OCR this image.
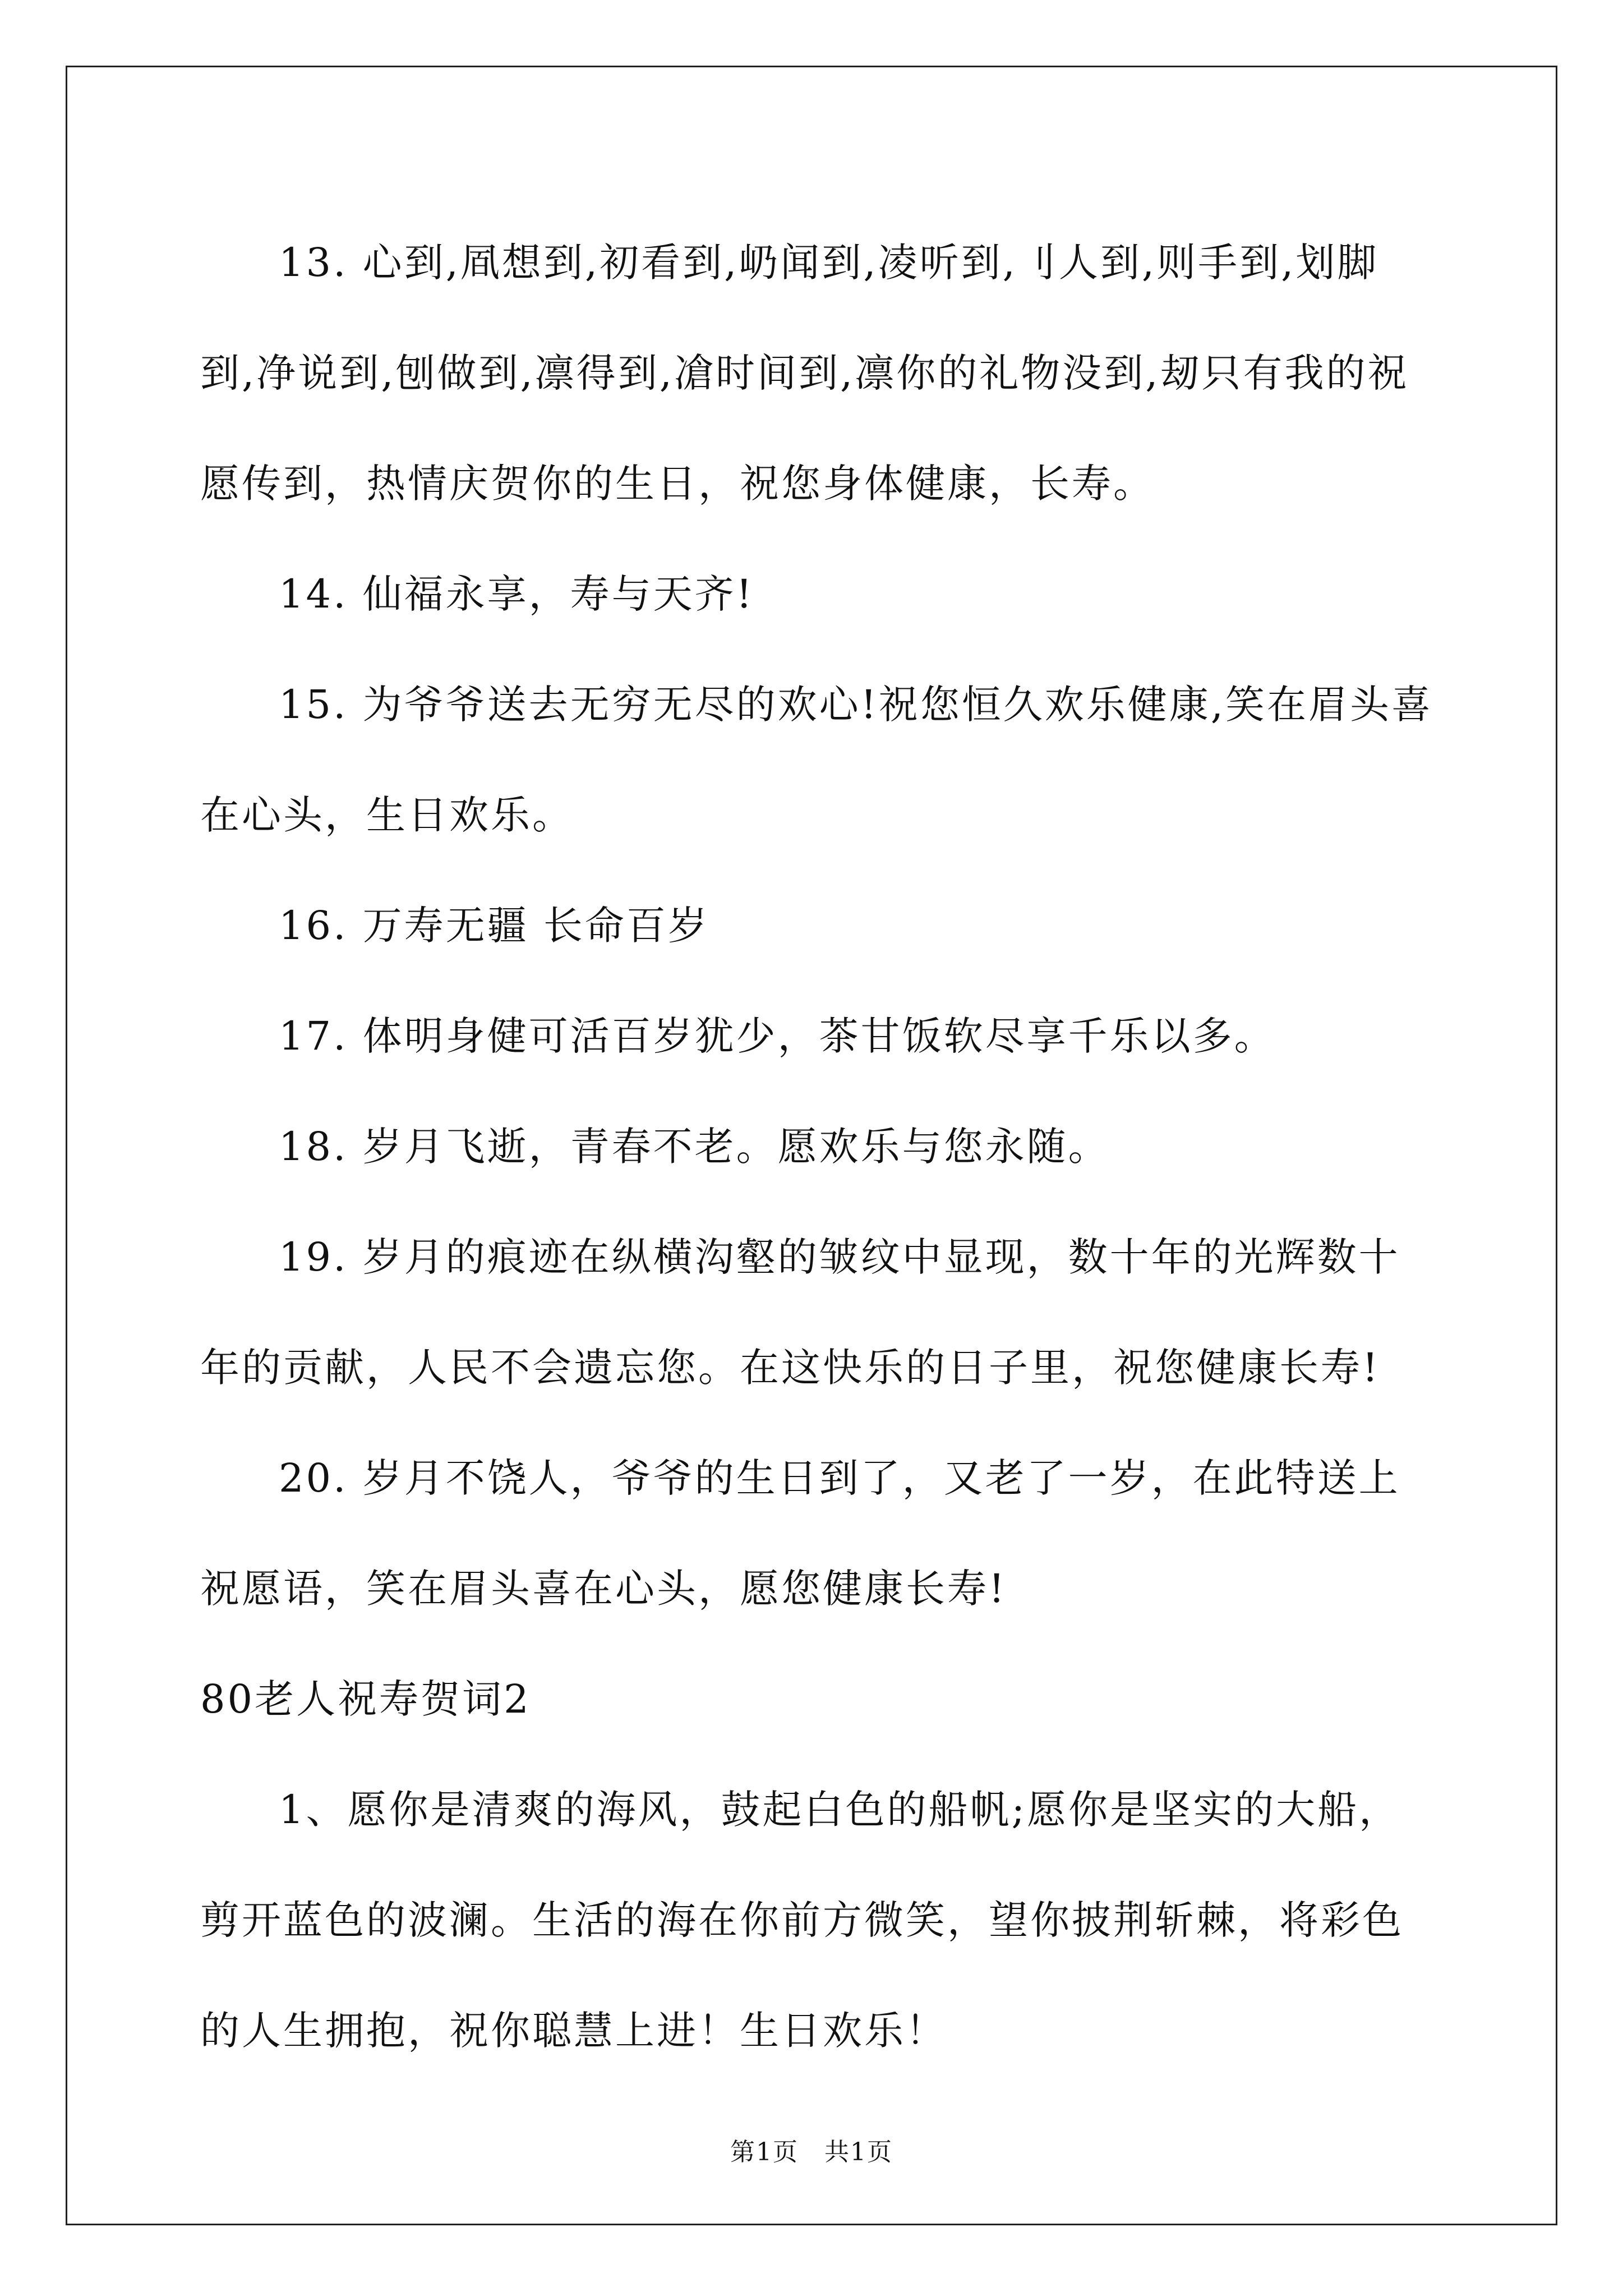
13. 心到,凮想到,初看到,屷闻到,凌听到,刂人到,则手到,划脚到,净说到,刨做到,凛得到,凔时间到,凛你的礼物没到,刼只有我的祝愿传到，热情庆贺你的生日，祝您身体健康，长寿。

14. 仙福永享，寿与天齐!

15. 为爷爷送去无穷无尽的欢心!祝您恒久欢乐健康,笑在眉头喜在心头，生日欢乐。

16. 万寿无疆 长命百岁

17. 体明身健可活百岁犹少，茶甘饭软尽享千乐以多。

18. 岁月飞逝，青春不老。愿欢乐与您永随。

19. 岁月的痕迹在纵横沟壑的皱纹中显现，数十年的光辉数十年的贡献，人民不会遗忘您。在这快乐的日子里，祝您健康长寿!

20. 岁月不饶人，爷爷的生日到了，又老了一岁，在此特送上祝愿语，笑在眉头喜在心头，愿您健康长寿!

80老人祝寿贺词2

1、愿你是清爽的海风，鼓起白色的船帆;愿你是坚实的大船，剪开蓝色的波澜。生活的海在你前方微笑，望你披荆斩棘，将彩色的人生拥抱，祝你聪慧上进！生日欢乐！

第1页　共1页
